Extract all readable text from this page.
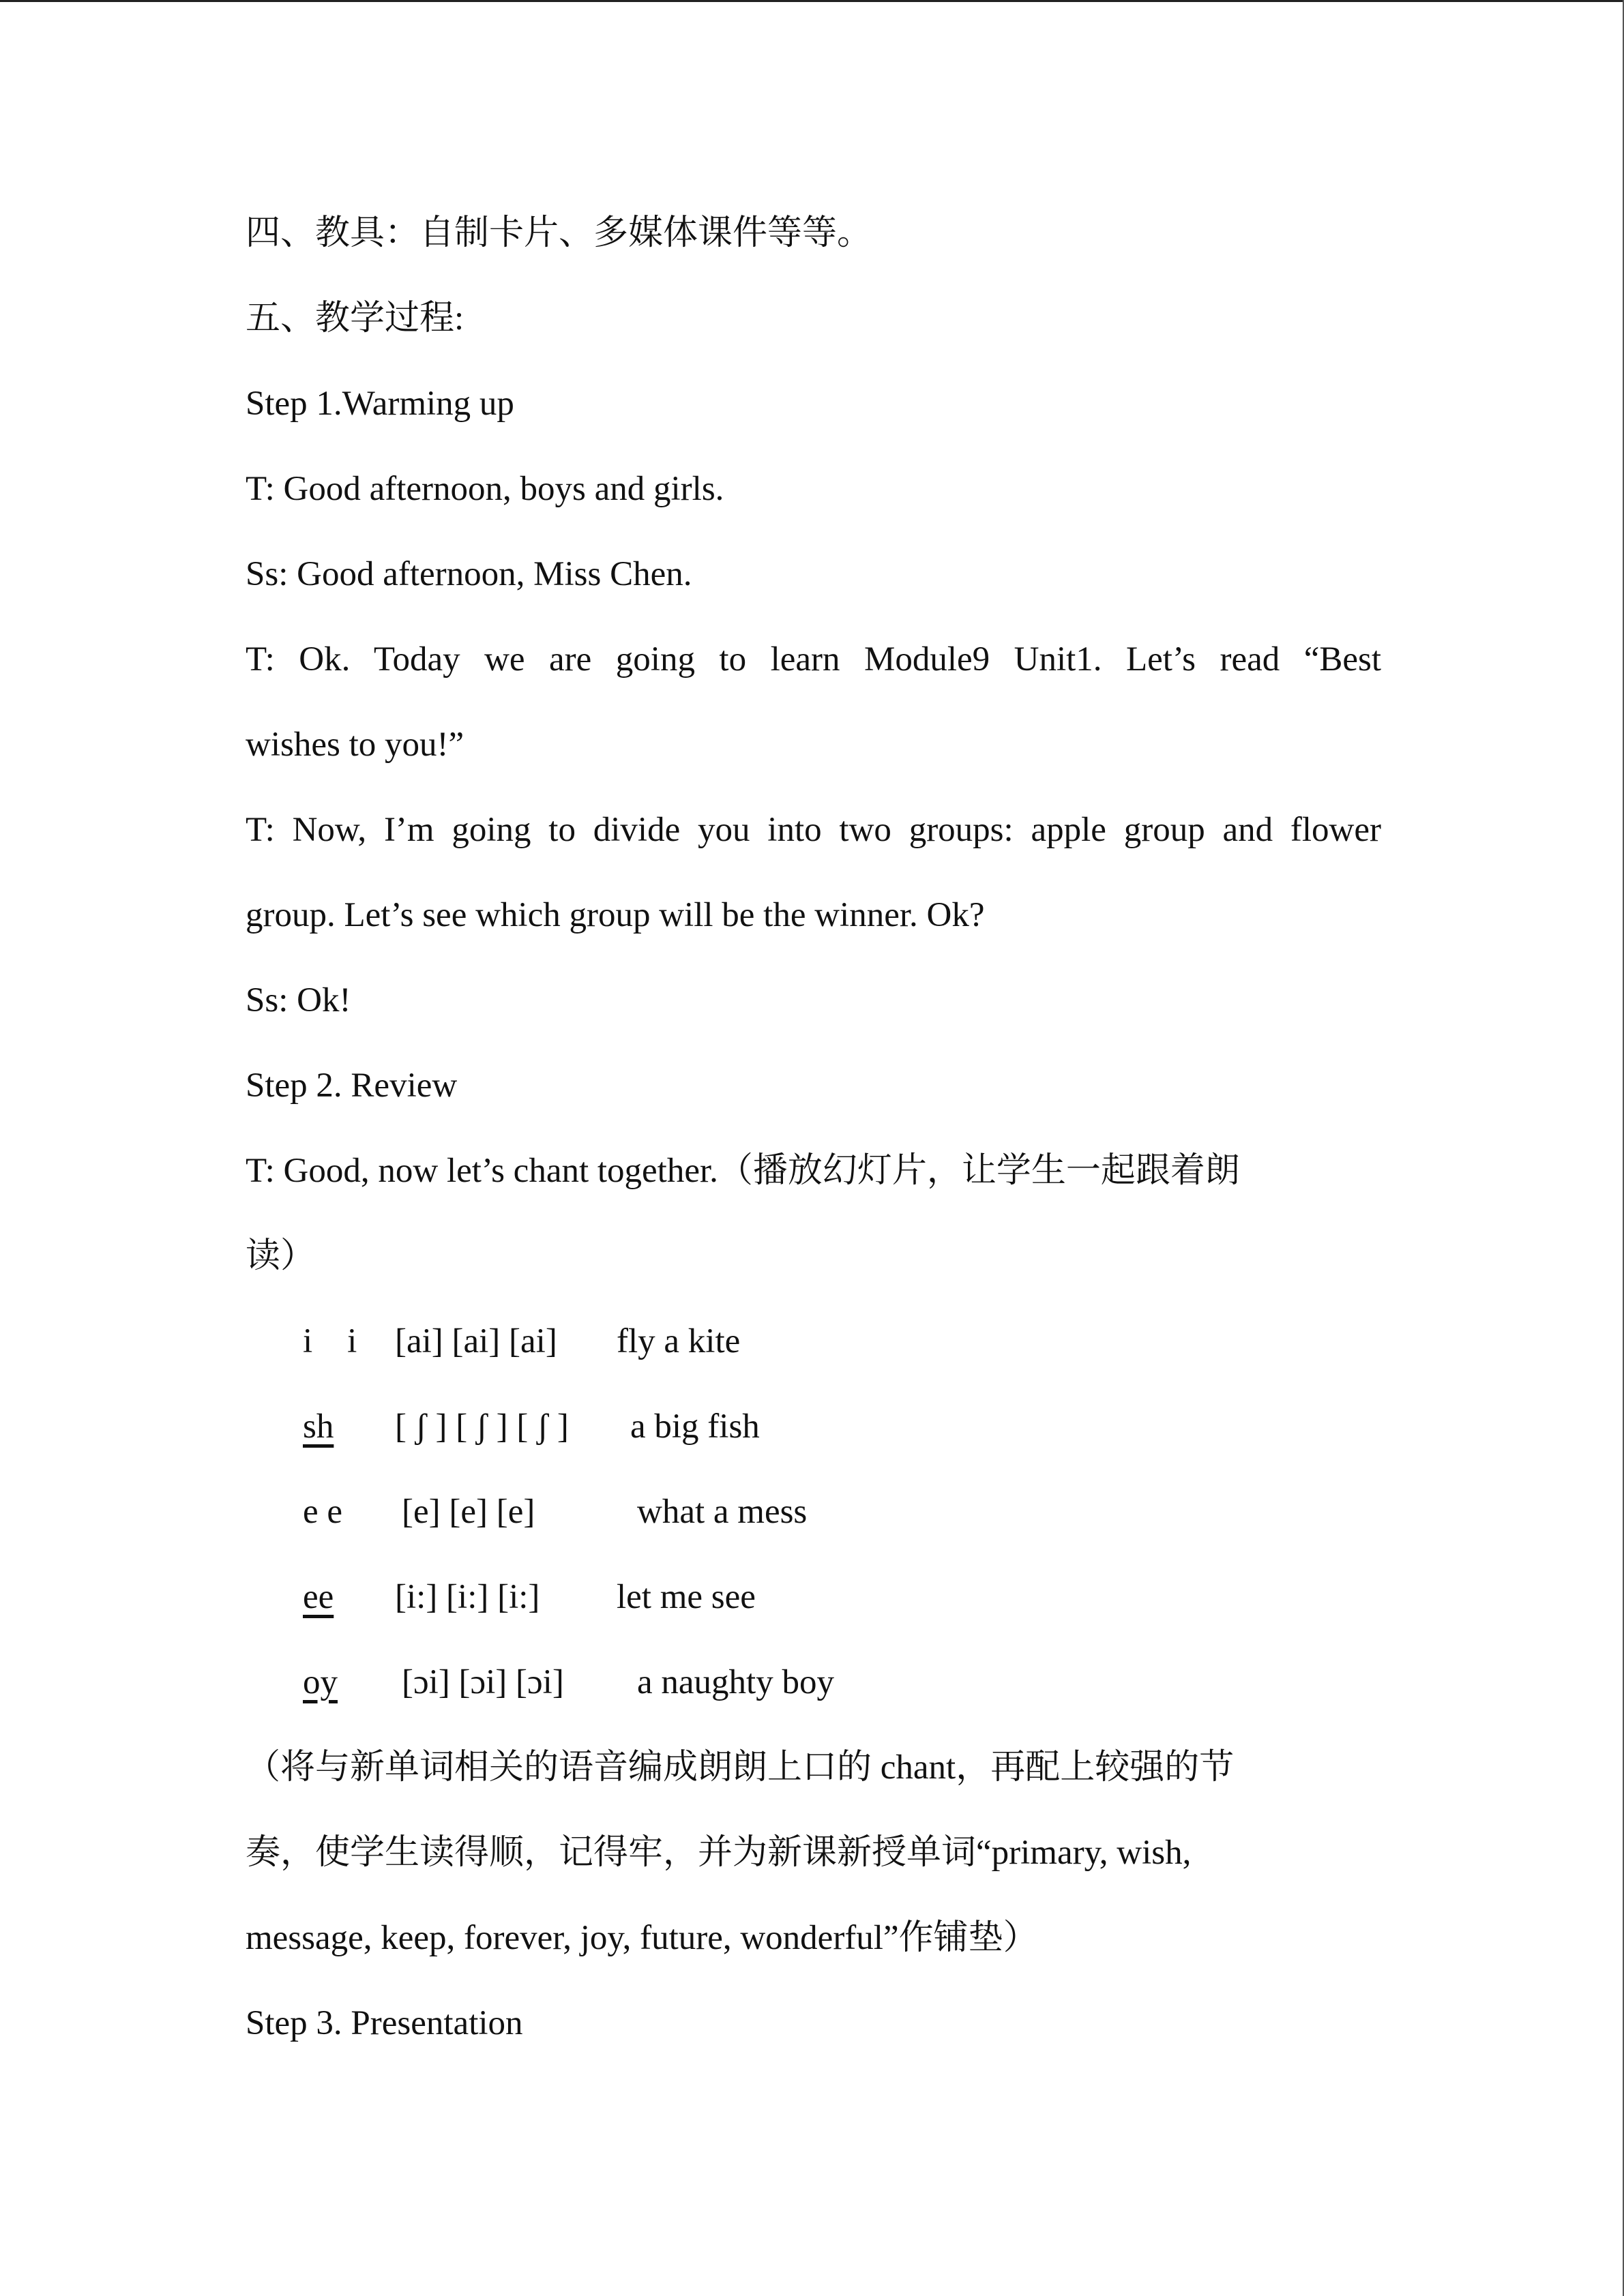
四、教具：自制卡片、多媒体课件等等。
五、教学过程:
Step 1.Warming up
T: Good afternoon, boys and girls.
Ss: Good afternoon, Miss Chen.
T: Ok. Today we are going to learn Module9 Unit1. Let’s read “Best
wishes to you!”
T: Now, I’m going to divide you into two groups: apple group and flower
group. Let’s see which group will be the winner. Ok?
Ss: Ok!
Step 2. Review
T: Good, now let’s chant together.（播放幻灯片，让学生一起跟着朗
读）
i    i [ai] [ai] [ai] fly a kite
sh [ ʃ ] [ ʃ ] [ ʃ ] a big fish
e e [e] [e] [e]	what a mess
ee [i:] [i:] [i:] let me see
oy [ɔi] [ɔi] [ɔi] a naughty boy
（将与新单词相关的语音编成朗朗上口的 chant，再配上较强的节
奏，使学生读得顺，记得牢，并为新课新授单词“primary, wish,
message, keep, forever, joy, future, wonderful”作铺垫）
Step 3. Presentation
